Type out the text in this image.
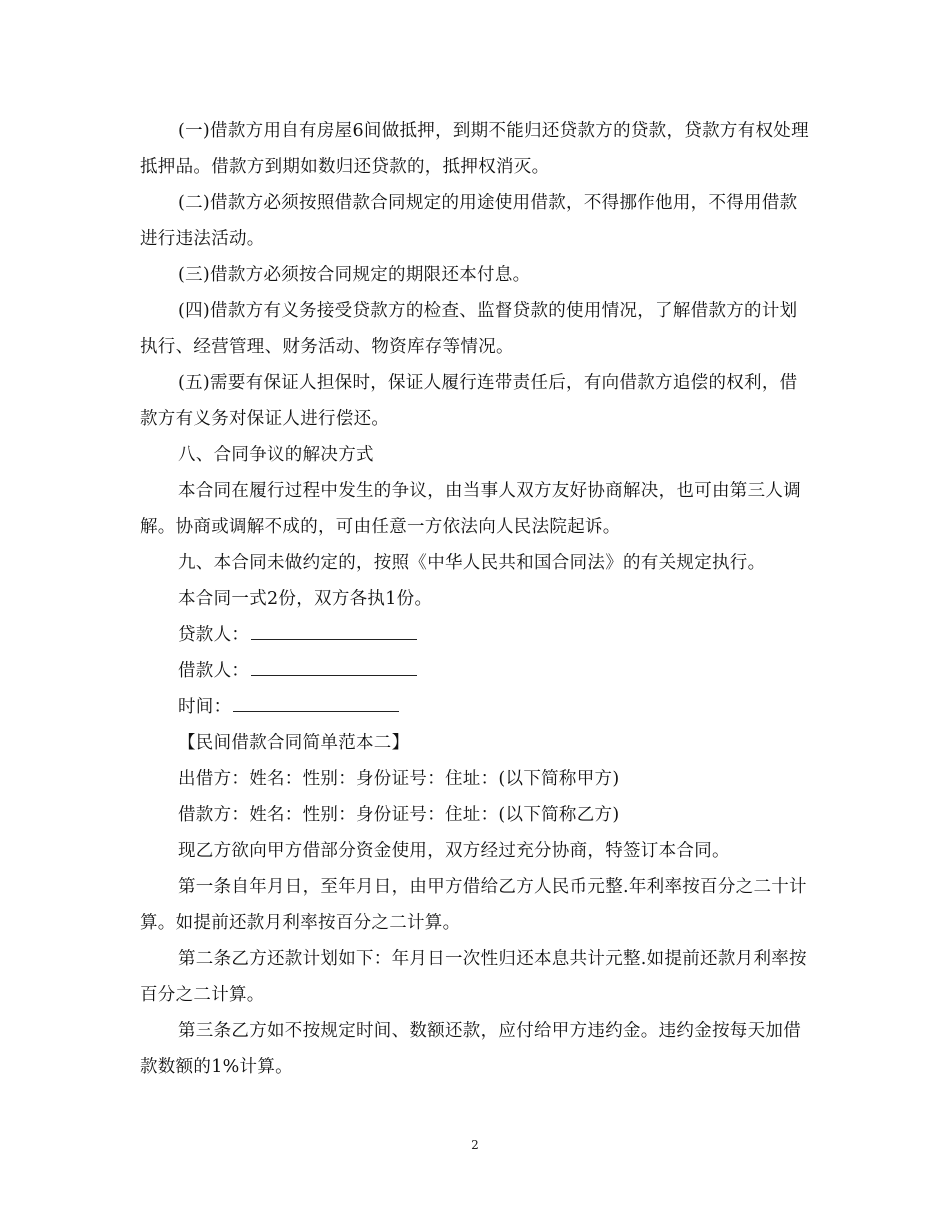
(一)借款方用自有房屋6间做抵押，到期不能归还贷款方的贷款，贷款方有权处理抵押品。借款方到期如数归还贷款的，抵押权消灭。

(二)借款方必须按照借款合同规定的用途使用借款，不得挪作他用，不得用借款进行违法活动。

(三)借款方必须按合同规定的期限还本付息。

(四)借款方有义务接受贷款方的检查、监督贷款的使用情况，了解借款方的计划执行、经营管理、财务活动、物资库存等情况。

(五)需要有保证人担保时，保证人履行连带责任后，有向借款方追偿的权利，借款方有义务对保证人进行偿还。

八、合同争议的解决方式

本合同在履行过程中发生的争议，由当事人双方友好协商解决，也可由第三人调解。协商或调解不成的，可由任意一方依法向人民法院起诉。

九、本合同未做约定的，按照《中华人民共和国合同法》的有关规定执行。

本合同一式2份，双方各执1份。

贷款人：

借款人：

时间：

【民间借款合同简单范本二】

出借方：姓名：性别：身份证号：住址：(以下简称甲方)

借款方：姓名：性别：身份证号：住址：(以下简称乙方)

现乙方欲向甲方借部分资金使用，双方经过充分协商，特签订本合同。

第一条自年月日，至年月日，由甲方借给乙方人民币元整.年利率按百分之二十计算。如提前还款月利率按百分之二计算。

第二条乙方还款计划如下：年月日一次性归还本息共计元整.如提前还款月利率按百分之二计算。

第三条乙方如不按规定时间、数额还款，应付给甲方违约金。违约金按每天加借款数额的1%计算。

2
